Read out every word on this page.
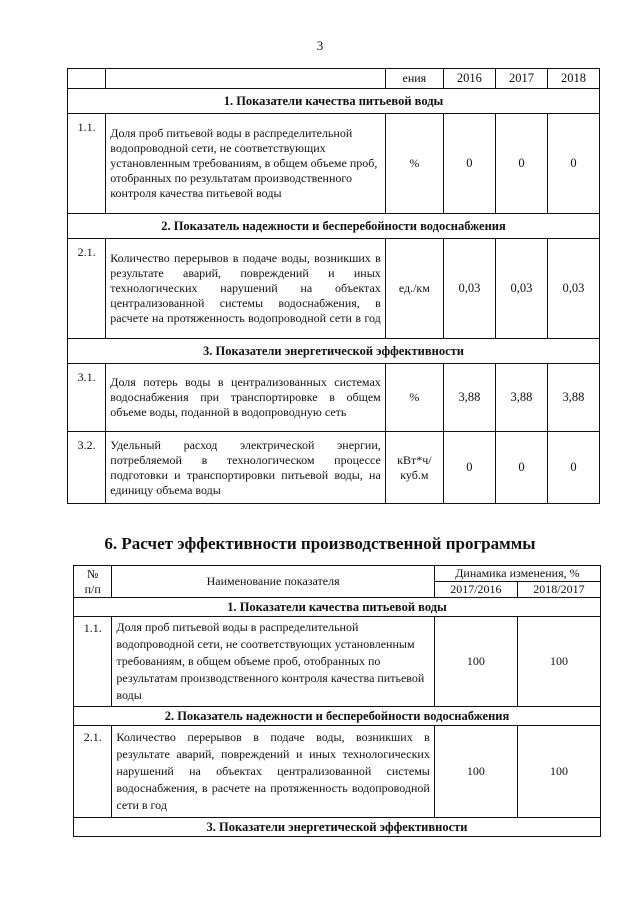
3
		ения	2016	2017	2018
1. Показатели качества питьевой воды					
1.1.	Доля проб питьевой воды в распределительной водопроводной сети, не соответствующих установленным требованиям, в общем объеме проб, отобранных по результатам производственного контроля качества питьевой воды	%	0	0	0
2. Показатель надежности и бесперебойности водоснабжения					
2.1.	Количество перерывов в подаче воды, возникших в результате аварий, повреждений и иных технологических нарушений на объектах централизованной системы водоснабжения, в расчете на протяженность водопроводной сети в год	ед./км	0,03	0,03	0,03
3. Показатели энергетической эффективности					
3.1.	Доля потерь воды в централизованных системах водоснабжения при транспортировке в общем объеме воды, поданной в водопроводную сеть	%	3,88	3,88	3,88
3.2.	Удельный расход электрической энергии, потребляемой в технологическом процессе подготовки и транспортировки питьевой воды, на единицу объема воды	кВт*ч/ куб.м	0	0	0
6. Расчет эффективности производственной программы
№
п/п	Наименование показателя	Динамика изменения, %	
		2017/2016	2018/2017
1. Показатели качества питьевой воды			
1.1.	Доля проб питьевой воды в распределительной водопроводной сети, не соответствующих установленным требованиям, в общем объеме проб, отобранных по результатам производственного контроля качества питьевой воды	100	100
2. Показатель надежности и бесперебойности водоснабжения			
2.1.	Количество перерывов в подаче воды, возникших в результате аварий, повреждений и иных технологических нарушений на объектах централизованной системы водоснабжения, в расчете на протяженность водопроводной сети в год	100	100
3. Показатели энергетической эффективности			
